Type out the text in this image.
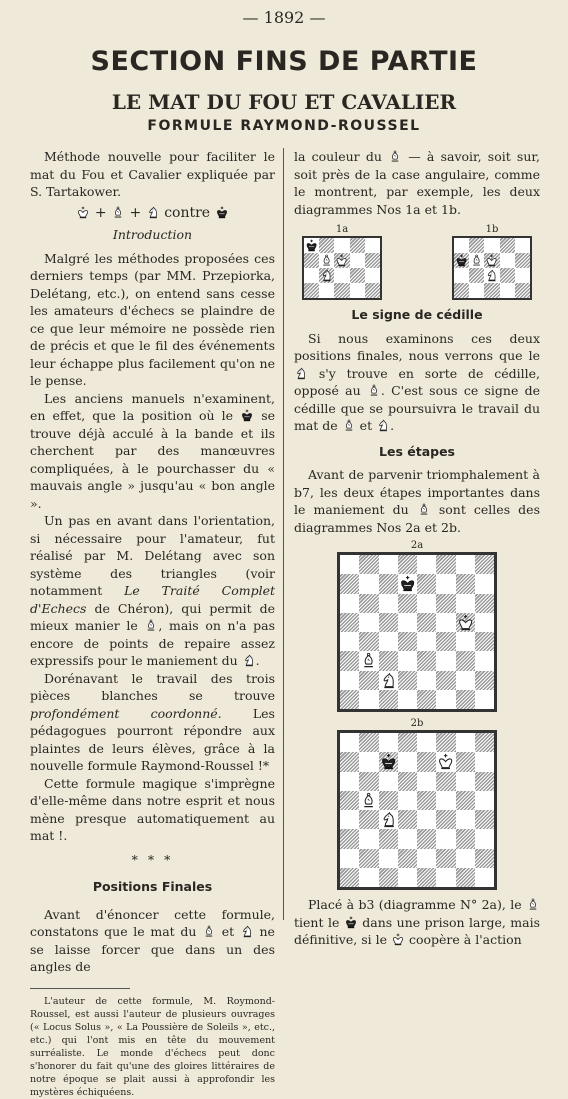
— 1892 —
SECTION FINS DE PARTIE
LE MAT DU FOU ET CAVALIER
FORMULE RAYMOND-ROUSSEL

Méthode nouvelle pour faciliter le mat du Fou et Cavalier expliquée par S. Tartakower.

+ + contre
Introduction

Malgré les méthodes proposées ces derniers temps (par MM. Przepiorka, Delétang, etc.), on entend sans cesse les amateurs d'échecs se plaindre de ce que leur mémoire ne possède rien de précis et que le fil des événements leur échappe plus facilement qu'on ne le pense.

Les anciens manuels n'examinent, en effet, que la position où le se trouve déjà acculé à la bande et ils cherchent par des manœuvres compliquées, à le pourchasser du « mauvais angle » jusqu'au « bon angle ».

Un pas en avant dans l'orientation, si nécessaire pour l'amateur, fut réalisé par M. Delétang avec son système des triangles (voir notamment Le Traité Complet d'Echecs de Chéron), qui permit de mieux manier le , mais on n'a pas encore de points de repaire assez expressifs pour le maniement du .

Dorénavant le travail des trois pièces blanches se trouve profondément coordonné. Les pédagogues pourront répondre aux plaintes de leurs élèves, grâce à la nouvelle formule Raymond-Roussel !*

Cette formule magique s'imprègne d'elle-même dans notre esprit et nous mène presque automatiquement au mat !.

* * *
Positions Finales

Avant d'énoncer cette formule, constatons que le mat du et ne se laisse forcer que dans un des angles de

L'auteur de cette formule, M. Roymond-Roussel, est aussi l'auteur de plusieurs ouvrages (« Locus Solus », « La Poussière de Soleils », etc., etc.) qui l'ont mis en tête du mouvement surréaliste. Le monde d'échecs peut donc s'honorer du fait qu'une des gloires littéraires de notre époque se plait aussi à approfondir les mystères échiquéens.

la couleur du — à savoir, soit sur, soit près de la case angulaire, comme le montrent, par exemple, les deux diagrammes Nos 1a et 1b.

1a	1b
Le signe de cédille

Si nous examinons ces deux positions finales, nous verrons que le  s'y trouve en sorte de cédille, opposé au . C'est sous ce signe de cédille que se poursuivra le travail du mat de et .

Les étapes

Avant de parvenir triomphalement à b7, les deux étapes importantes dans le maniement du sont celles des diagrammes Nos 2a et 2b.

2a
2b

Placé à b3 (diagramme N° 2a), le  tient le dans une prison large, mais définitive, si le coopère à l'action
